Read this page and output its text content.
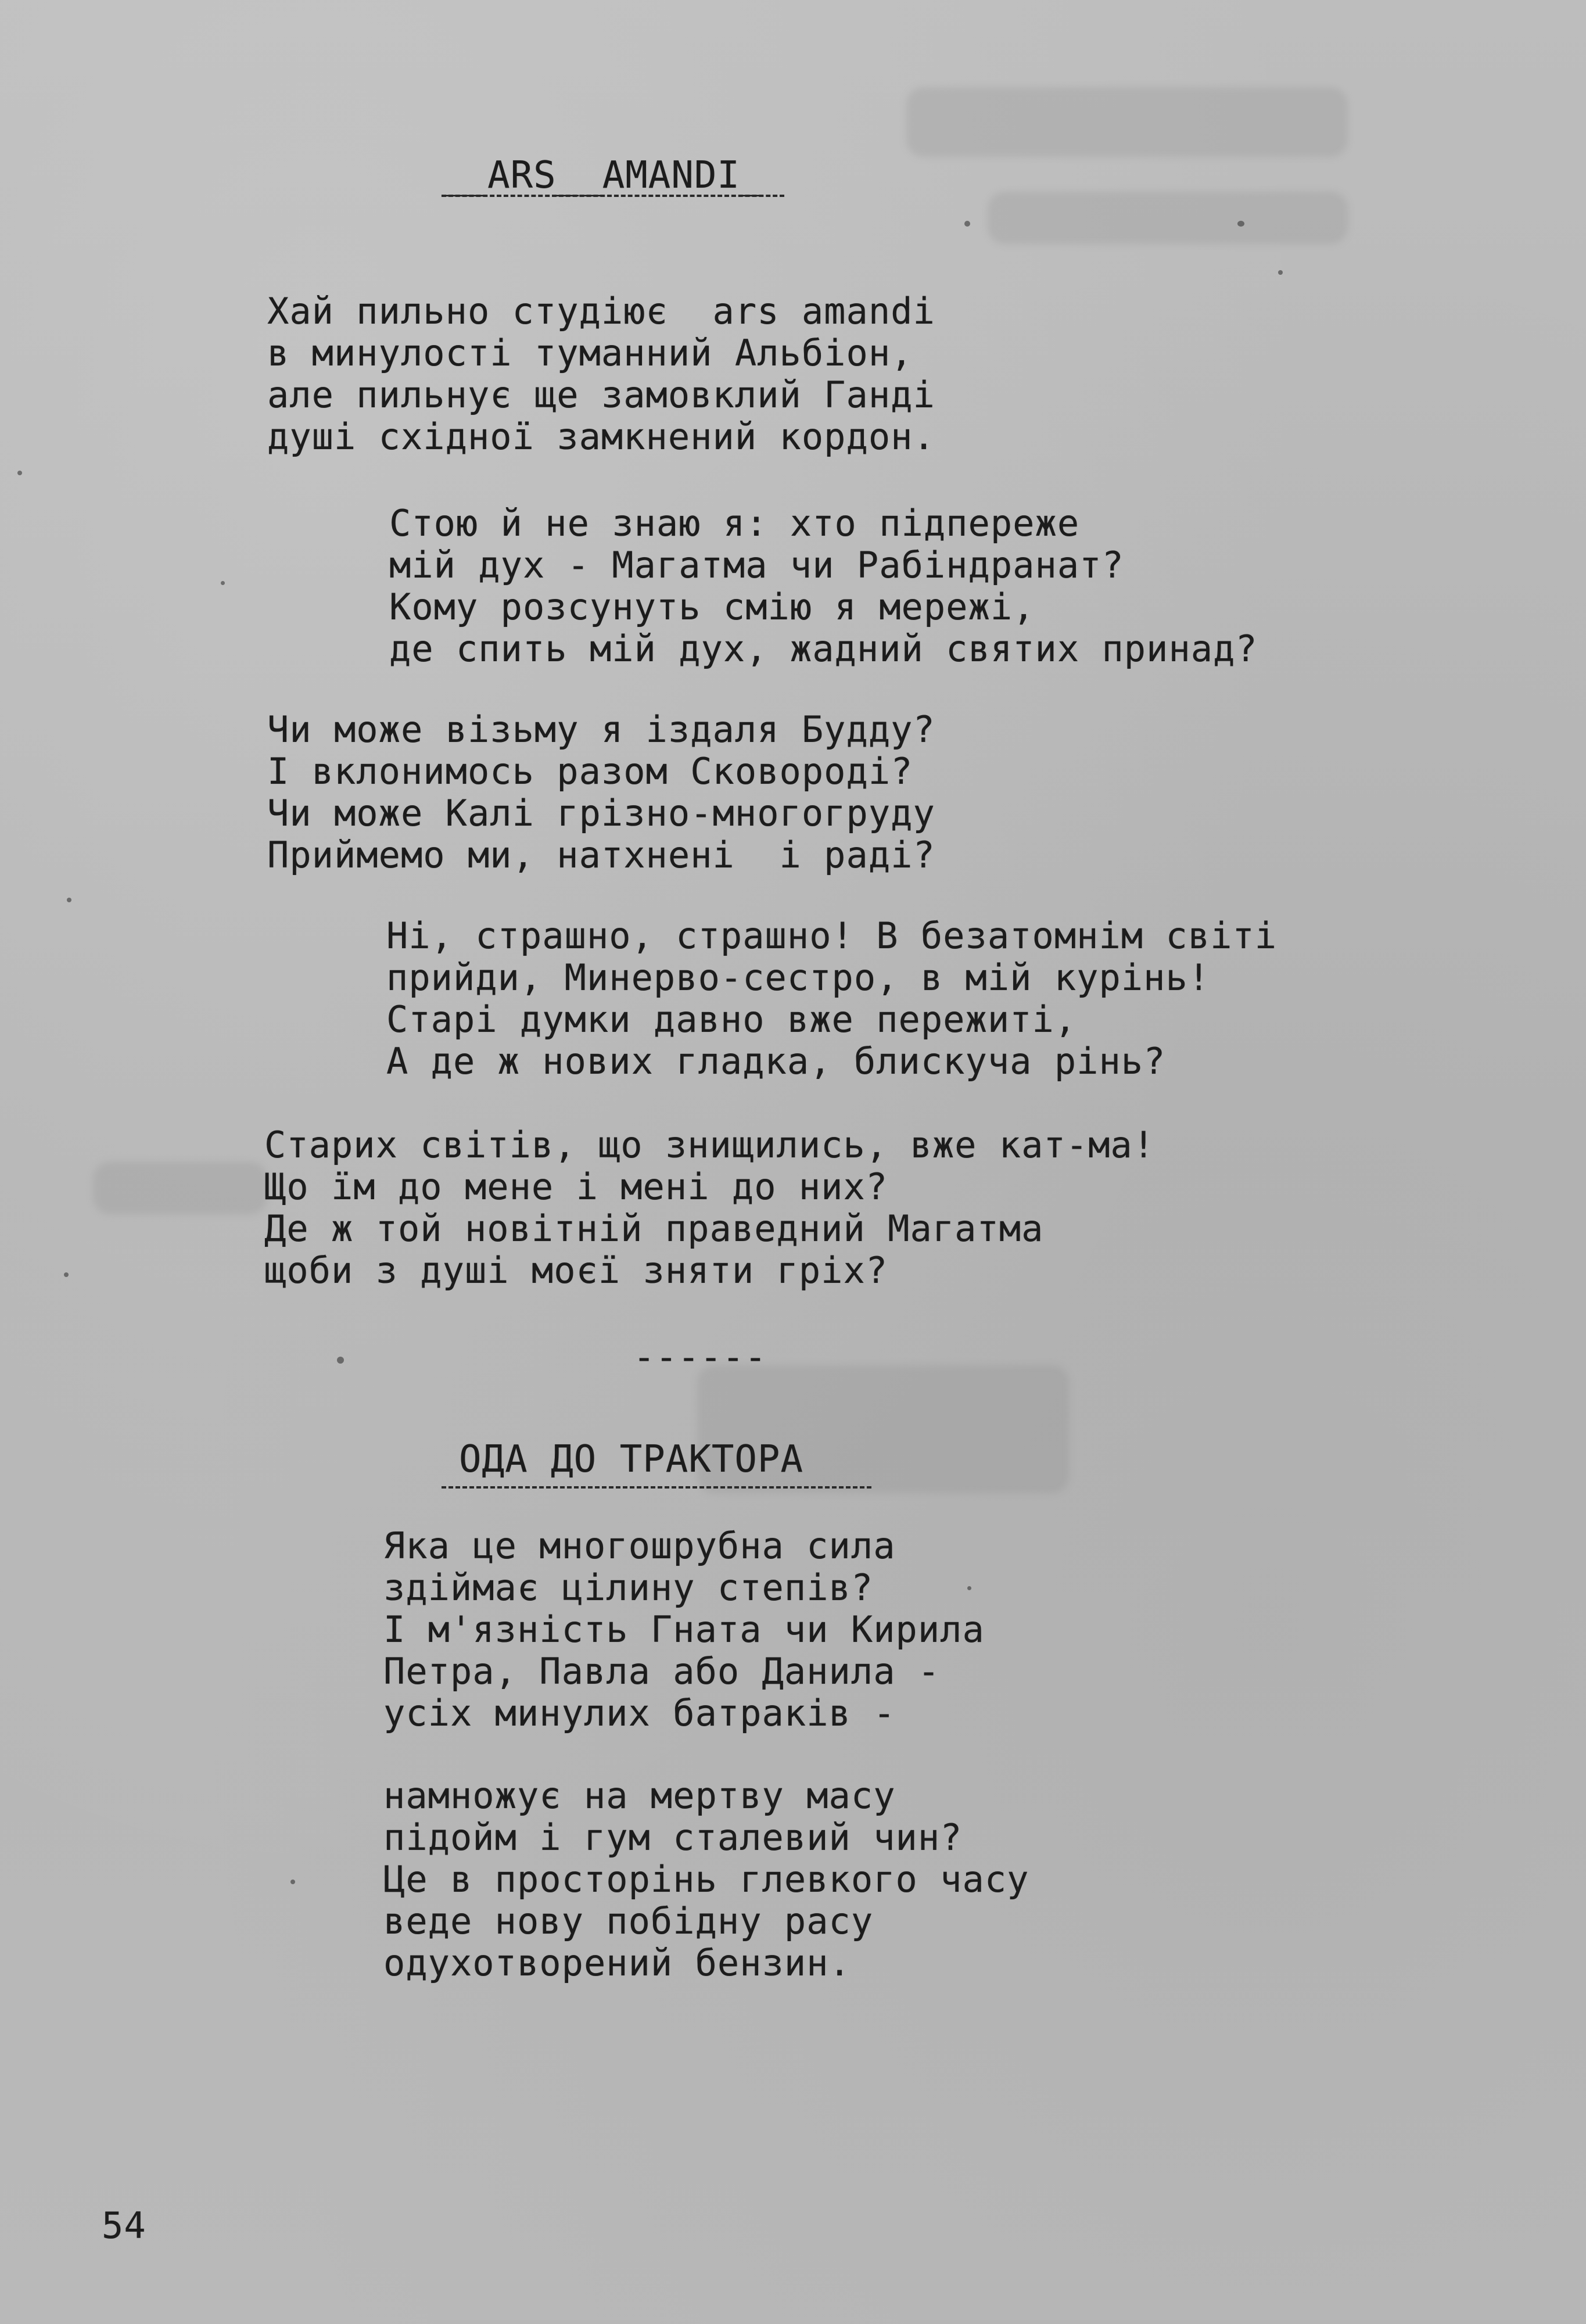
__ARS__AMANDI_
Хай пильно студіює  ars amandi
в минулості туманний Альбіон,
але пильнує ще замовклий Ганді
душі східної замкнений кордон.
Стою й не знаю я: хто підпереже
мій дух - Магатма чи Рабіндранат?
Кому розсунуть смію я мережі,
де спить мій дух, жадний святих принад?
Чи може візьму я іздаля Будду?
І вклонимось разом Сковороді?
Чи може Калі грізно-многогруду
Приймемо ми, натхнені  і раді?
Ні, страшно, страшно! В безатомнім світі
прийди, Минерво-сестро, в мій курінь!
Старі думки давно вже пережиті,
А де ж нових гладка, блискуча рінь?
Старих світів, що знищились, вже кат-ма!
Що їм до мене і мені до них?
Де ж той новітній праведний Магатма
щоби з душі моєї зняти гріх?
------
ОДА ДО ТРАКТОРА
Яка це многошрубна сила
здіймає цілину степів?
І м'язність Гната чи Кирила
Петра, Павла або Данила -
усіх минулих батраків -
намножує на мертву масу
підойм і гум сталевий чин?
Це в просторінь глевкого часу
веде нову побідну расу
одухотворений бензин.
54
